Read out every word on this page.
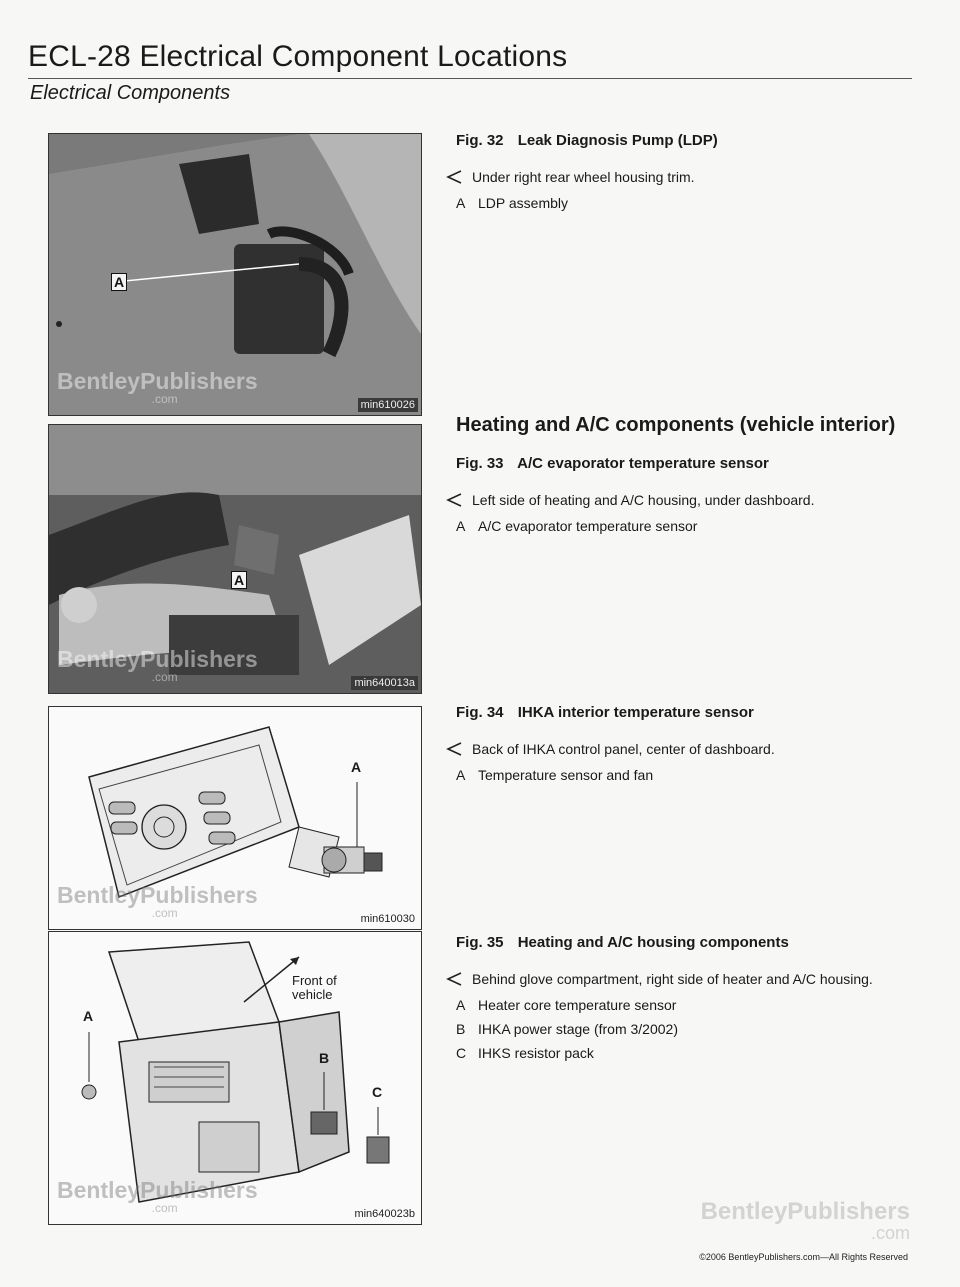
ECL-28 Electrical Component Locations
Electrical Components
A
BentleyPublishers
.com	min610026
A
BentleyPublishers
.com	min640013a
A
BentleyPublishers
.com	min610030
A
B
C
Front of
vehicle
BentleyPublishers
.com	min640023b
Fig. 32 Leak Diagnosis Pump (LDP)
Under right rear wheel housing trim.
A LDP assembly
Heating and A/C components (vehicle interior)
Fig. 33 A/C evaporator temperature sensor
Left side of heating and A/C housing, under dashboard.
A A/C evaporator temperature sensor
Fig. 34 IHKA interior temperature sensor
Back of IHKA control panel, center of dashboard.
A Temperature sensor and fan
Fig. 35 Heating and A/C housing components
Behind glove compartment, right side of heater and A/C housing.
A Heater core temperature sensor
B IHKA power stage (from 3/2002)
C IHKS resistor pack
BentleyPublishers
.com
©2006 BentleyPublishers.com—All Rights Reserved
